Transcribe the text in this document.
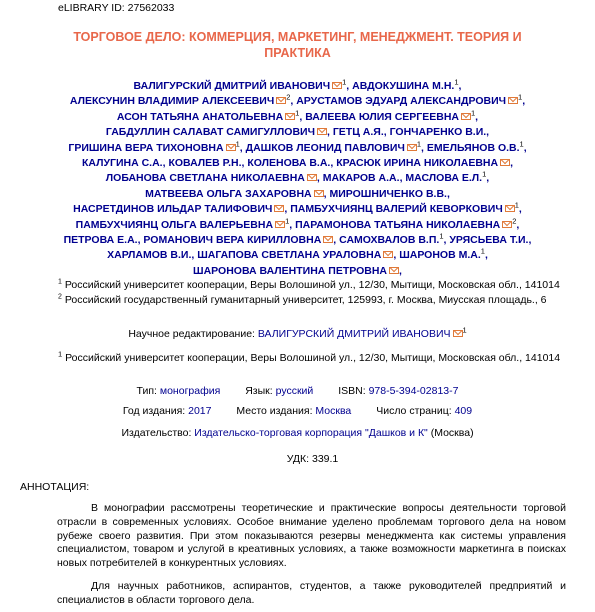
eLIBRARY ID: 27562033
ТОРГОВОЕ ДЕЛО: КОММЕРЦИЯ, МАРКЕТИНГ, МЕНЕДЖМЕНТ. ТЕОРИЯ И
ПРАКТИКА
ВАЛИГУРСКИЙ ДМИТРИЙ ИВАНОВИЧ $^1$, АВДОКУШИНА М.Н.$^1$,
АЛЕКСУНИН ВЛАДИМИР АЛЕКСЕЕВИЧ $^2$, АРУСТАМОВ ЭДУАРД АЛЕКСАНДРОВИЧ $^1$,
АСОН ТАТЬЯНА АНАТОЛЬЕВНА $^1$, ВАЛЕЕВА ЮЛИЯ СЕРГЕЕВНА $^1$,
ГАБДУЛЛИН САЛАВАТ САМИГУЛЛОВИЧ , ГЕТЦ А.Я., ГОНЧАРЕНКО В.И.,
ГРИШИНА ВЕРА ТИХОНОВНА $^1$, ДАШКОВ ЛЕОНИД ПАВЛОВИЧ $^1$, ЕМЕЛЬЯНОВ О.В.$^1$,
КАЛУГИНА С.А., КОВАЛЕВ Р.Н., КОЛЕНОВА В.А., КРАСЮК ИРИНА НИКОЛАЕВНА ,
ЛОБАНОВА СВЕТЛАНА НИКОЛАЕВНА , МАКАРОВ А.А., МАСЛОВА Е.Л.$^1$,
МАТВЕЕВА ОЛЬГА ЗАХАРОВНА , МИРОШНИЧЕНКО В.В.,
НАСРЕТДИНОВ ИЛЬДАР ТАЛИФОВИЧ , ПАМБУХЧИЯНЦ ВАЛЕРИЙ КЕВОРКОВИЧ $^1$,
ПАМБУХЧИЯНЦ ОЛЬГА ВАЛЕРЬЕВНА $^1$, ПАРАМОНОВА ТАТЬЯНА НИКОЛАЕВНА $^2$,
ПЕТРОВА Е.А., РОМАНОВИЧ ВЕРА КИРИЛЛОВНА , САМОХВАЛОВ В.П.$^1$, УРЯСЬЕВА Т.И.,
ХАРЛАМОВ В.И., ШАГАПОВА СВЕТЛАНА УРАЛОВНА , ШАРОНОВ М.А.$^1$,
ШАРОНОВА ВАЛЕНТИНА ПЕТРОВНА ,
$^1$ Российский университет кооперации, Веры Волошиной ул., 12/30, Мытищи, Московская обл., 141014
$^2$ Российский государственный гуманитарный университет, 125993, г. Москва, Миусская площадь., 6
Научное редактирование: ВАЛИГУРСКИЙ ДМИТРИЙ ИВАНОВИЧ $^1$
$^1$ Российский университет кооперации, Веры Волошиной ул., 12/30, Мытищи, Московская обл., 141014
Тип: монография Язык: русский ISBN: 978-5-394-02813-7
Год издания: 2017 Место издания: Москва Число страниц: 409
Издательство: Издательско-торговая корпорация "Дашков и К" (Москва)
УДК: 339.1
АННОТАЦИЯ:

В монографии рассмотрены теоретические и практические вопросы деятельности торговой отрасли в современных условиях. Особое внимание уделено проблемам торгового дела на новом рубеже своего развития. При этом показываются резервы менеджмента как системы управления специалистом, товаром и услугой в креативных условиях, а также возможности маркетинга в поисках новых потребителей в конкурентных условиях.

Для научных работников, аспирантов, студентов, а также руководителей предприятий и специалистов в области торгового дела.
